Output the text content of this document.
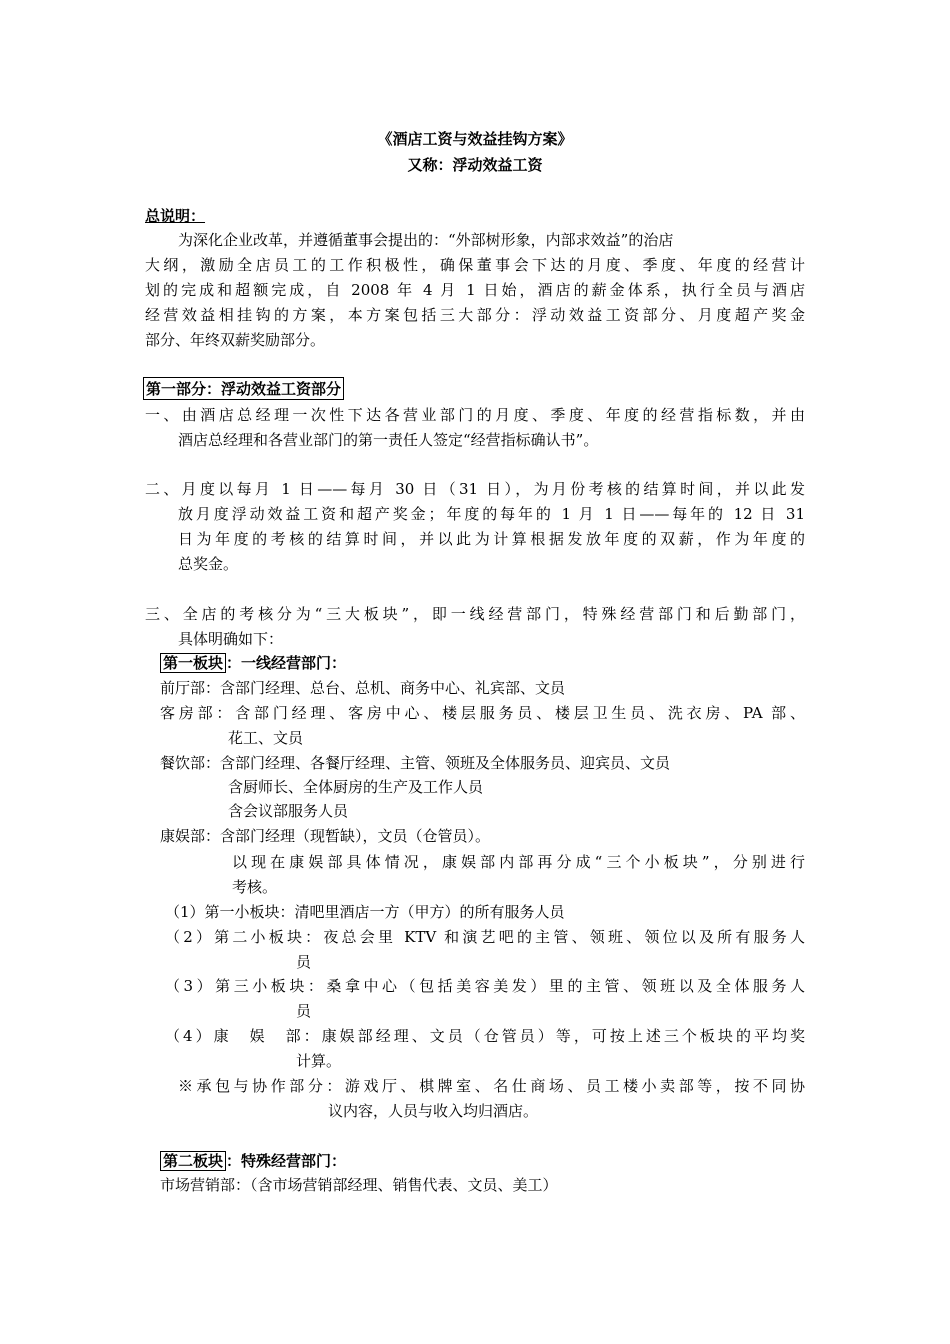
《酒店工资与效益挂钩方案》
又称：浮动效益工资
总说明：
为深化企业改革，并遵循董事会提出的：“外部树形象，内部求效益”的治店
大纲，激励全店员工的工作积极性，确保董事会下达的月度、季度、年度的经营计
划的完成和超额完成，自 2008 年 4 月 1 日始，酒店的薪金体系，执行全员与酒店
经营效益相挂钩的方案，本方案包括三大部分：浮动效益工资部分、月度超产奖金
部分、年终双薪奖励部分。
第一部分：浮动效益工资部分
一、由酒店总经理一次性下达各营业部门的月度、季度、年度的经营指标数，并由
酒店总经理和各营业部门的第一责任人签定“经营指标确认书”。
二、月度以每月 1 日——每月 30 日（31 日），为月份考核的结算时间，并以此发
放月度浮动效益工资和超产奖金；年度的每年的 1 月 1 日——每年的 12 日 31
日为年度的考核的结算时间，并以此为计算根据发放年度的双薪，作为年度的
总奖金。
三、全店的考核分为“三大板块”，即一线经营部门，特殊经营部门和后勤部门，
具体明确如下：
第一板块 ：一线经营部门：
前厅部：含部门经理、总台、总机、商务中心、礼宾部、文员
客房部：含部门经理、客房中心、楼层服务员、楼层卫生员、洗衣房、PA 部、
花工、文员
餐饮部：含部门经理、各餐厅经理、主管、领班及全体服务员、迎宾员、文员
含厨师长、全体厨房的生产及工作人员
含会议部服务人员
康娱部：含部门经理（现暂缺），文员（仓管员）。
以现在康娱部具体情况，康娱部内部再分成“三个小板块”，分别进行
考核。
（1）第一小板块：清吧里酒店一方（甲方）的所有服务人员
（2）第二小板块：夜总会里 KTV 和演艺吧的主管、领班、领位以及所有服务人
员
（3）第三小板块：桑拿中心（包括美容美发）里的主管、领班以及全体服务人
员
（4）康　娱　部：康娱部经理、文员（仓管员）等，可按上述三个板块的平均奖
计算。
※承包与协作部分：游戏厅、棋牌室、名仕商场、员工楼小卖部等，按不同协
议内容，人员与收入均归酒店。
第二板块 ：特殊经营部门：
市场营销部：（含市场营销部经理、销售代表、文员、美工）
